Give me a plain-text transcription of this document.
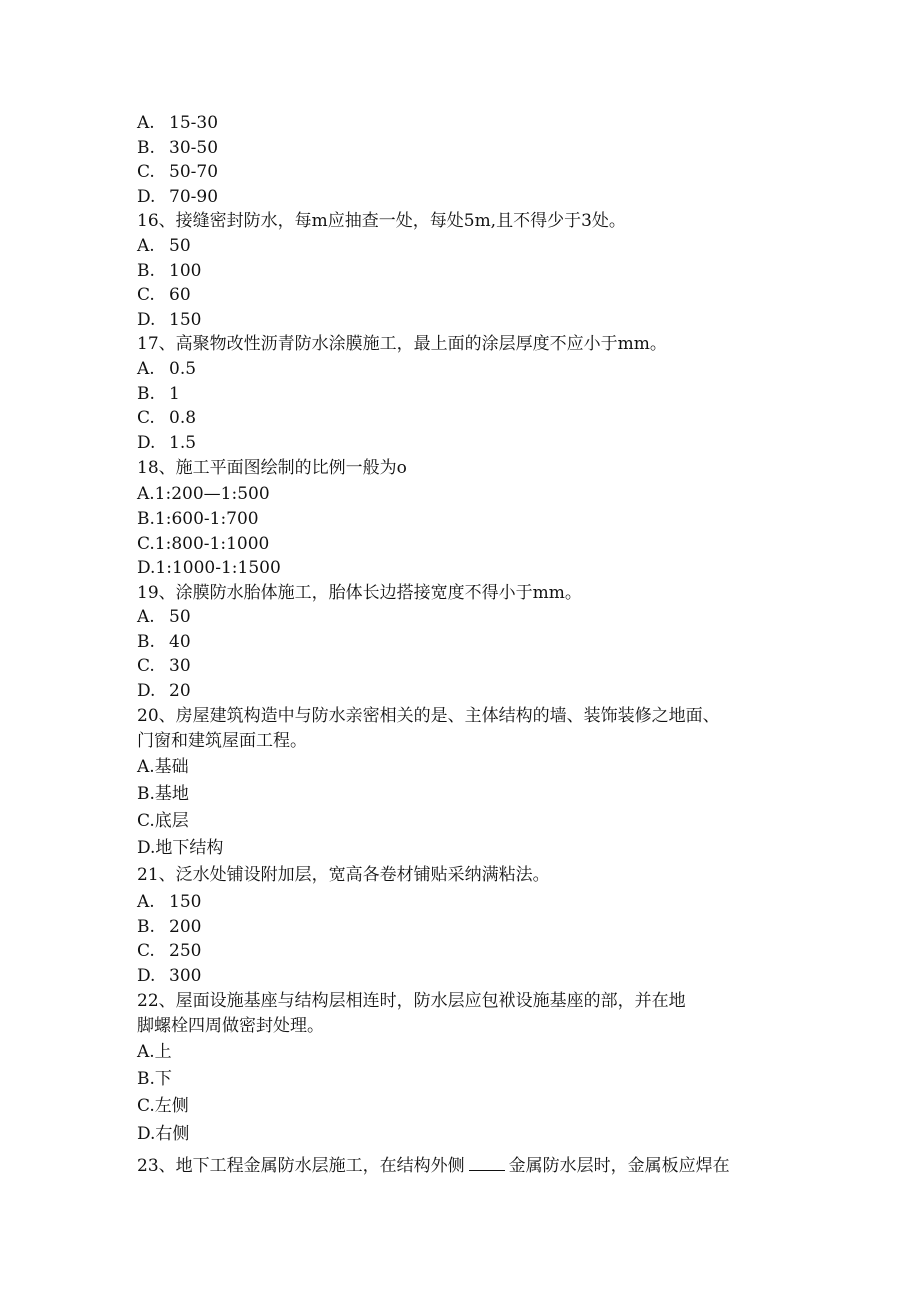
A. 15-30
B. 30-50
C. 50-70
D. 70-90
16、接缝密封防水，每m应抽查一处，每处5m,且不得少于3处。
A. 50
B. 100
C. 60
D. 150
17、高聚物改性沥青防水涂膜施工，最上面的涂层厚度不应小于mm。
A. 0.5
B. 1
C. 0.8
D. 1.5
18、施工平面图绘制的比例一般为o
A.1:200—1:500
B.1:600-1:700
C.1:800-1:1000
D.1:1000-1:1500
19、涂膜防水胎体施工，胎体长边搭接宽度不得小于mm。
A. 50
B. 40
C. 30
D. 20
20、房屋建筑构造中与防水亲密相关的是、主体结构的墙、装饰装修之地面、
门窗和建筑屋面工程。
A.基础
B.基地
C.底层
D.地下结构
21、泛水处铺设附加层，宽高各卷材铺贴采纳满粘法。
A. 150
B. 200
C. 250
D. 300
22、屋面设施基座与结构层相连时，防水层应包袱设施基座的部，并在地
脚螺栓四周做密封处理。
A.上
B.下
C.左侧
D.右侧
23、地下工程金属防水层施工，在结构外侧	金属防水层时，金属板应焊在
